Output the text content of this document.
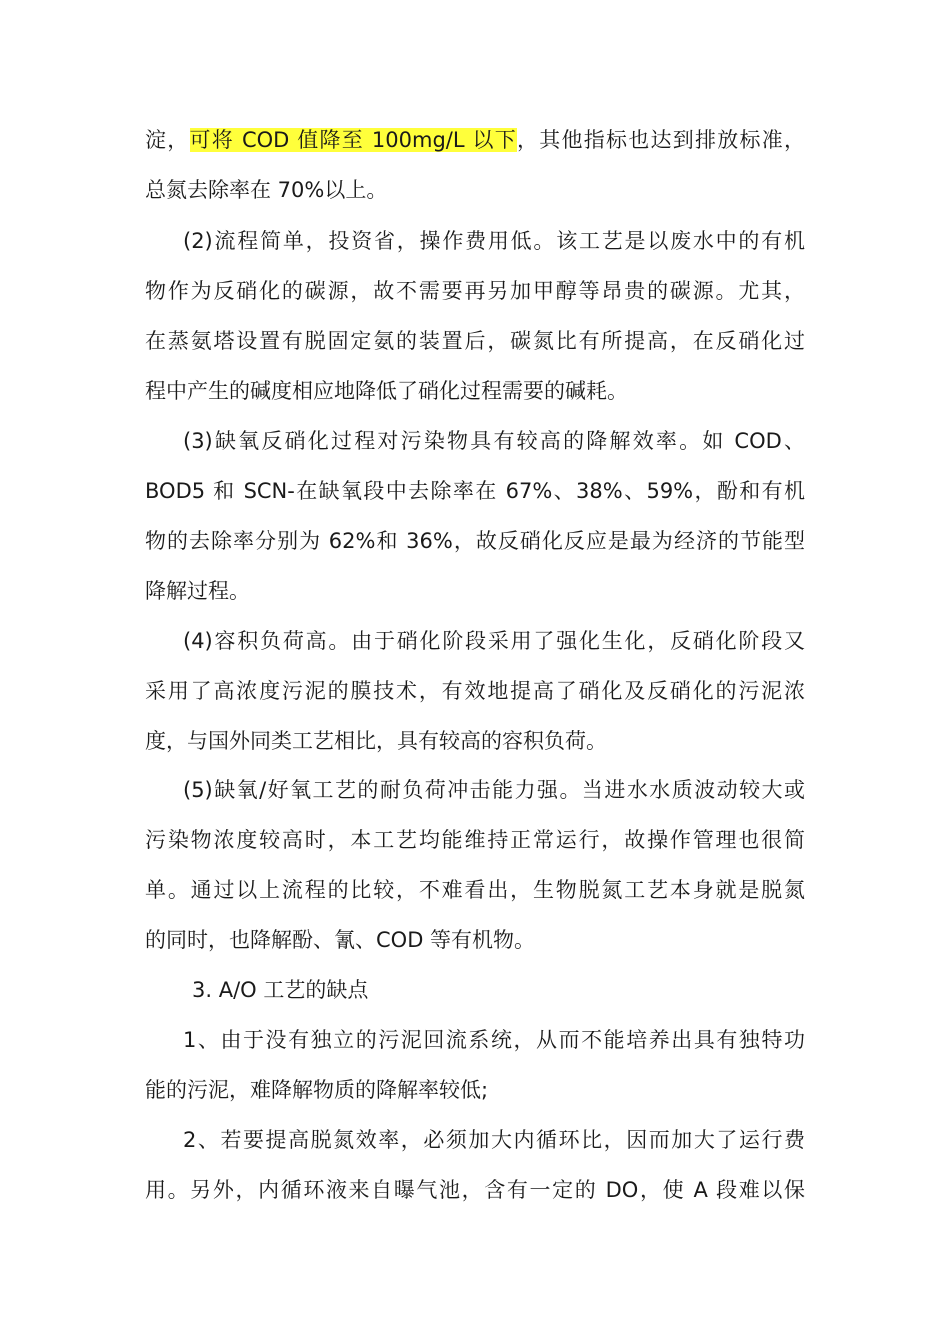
淀，可将 COD 值降至 100mg/L 以下，其他指标也达到排放标准，
总氮去除率在 70%以上。
(2)流程简单，投资省，操作费用低。该工艺是以废水中的有机
物作为反硝化的碳源，故不需要再另加甲醇等昂贵的碳源。尤其，
在蒸氨塔设置有脱固定氨的装置后，碳氮比有所提高，在反硝化过
程中产生的碱度相应地降低了硝化过程需要的碱耗。
(3)缺氧反硝化过程对污染物具有较高的降解效率。如 COD、
BOD5 和 SCN-在缺氧段中去除率在 67%、38%、59%，酚和有机
物的去除率分别为 62%和 36%，故反硝化反应是最为经济的节能型
降解过程。
(4)容积负荷高。由于硝化阶段采用了强化生化，反硝化阶段又
采用了高浓度污泥的膜技术，有效地提高了硝化及反硝化的污泥浓
度，与国外同类工艺相比，具有较高的容积负荷。
(5)缺氧/好氧工艺的耐负荷冲击能力强。当进水水质波动较大或
污染物浓度较高时，本工艺均能维持正常运行，故操作管理也很简
单。通过以上流程的比较，不难看出，生物脱氮工艺本身就是脱氮
的同时，也降解酚、氰、COD 等有机物。
3. A/O 工艺的缺点
1、由于没有独立的污泥回流系统，从而不能培养出具有独特功
能的污泥，难降解物质的降解率较低;
2、若要提高脱氮效率，必须加大内循环比，因而加大了运行费
用。另外，内循环液来自曝气池，含有一定的 DO，使 A 段难以保
